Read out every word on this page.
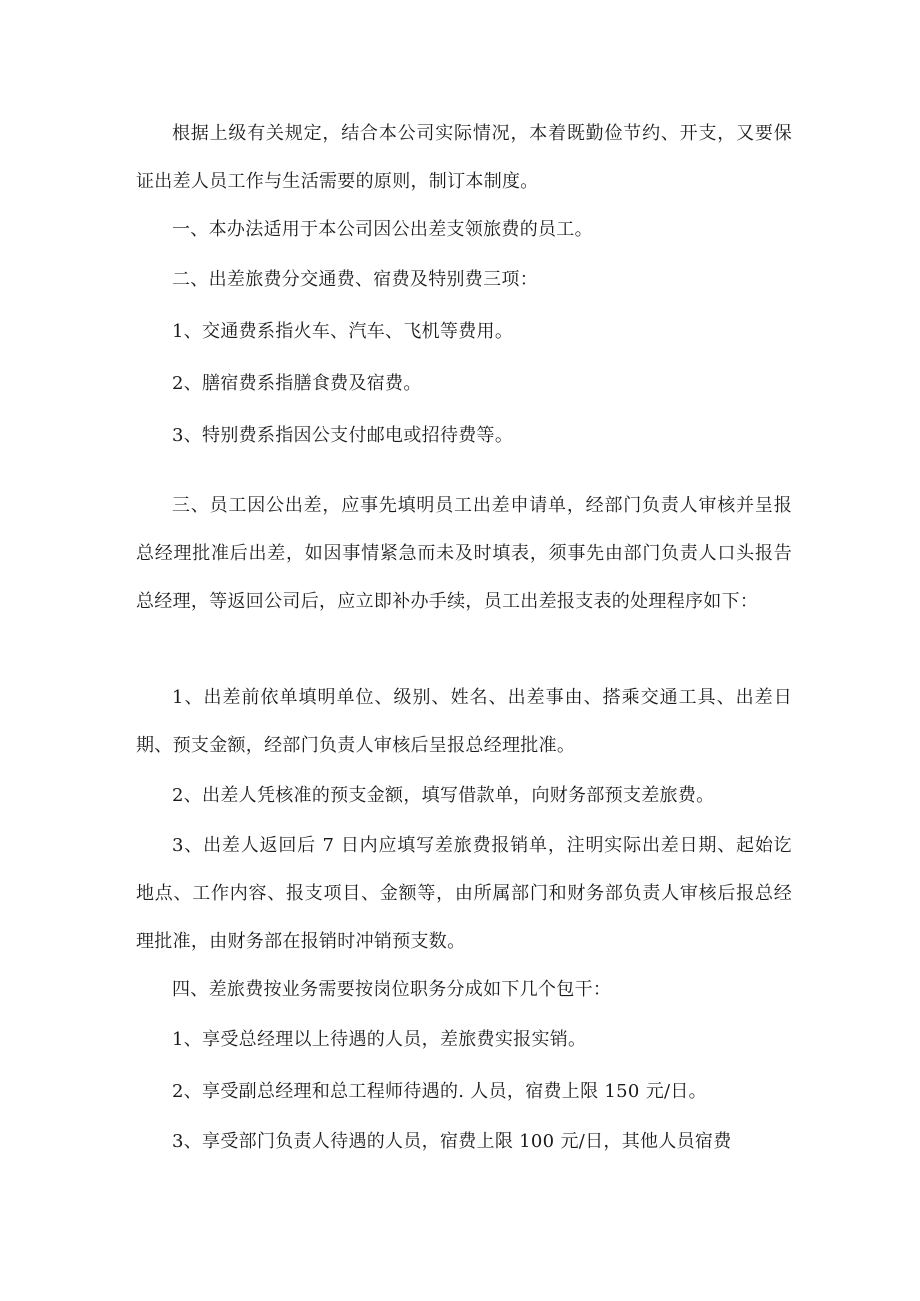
根据上级有关规定，结合本公司实际情况，本着既勤俭节约、开支，又要保证出差人员工作与生活需要的原则，制订本制度。

一、本办法适用于本公司因公出差支领旅费的员工。

二、出差旅费分交通费、宿费及特别费三项：

1、交通费系指火车、汽车、飞机等费用。

2、膳宿费系指膳食费及宿费。

3、特别费系指因公支付邮电或招待费等。

三、员工因公出差，应事先填明员工出差申请单，经部门负责人审核并呈报总经理批准后出差，如因事情紧急而未及时填表，须事先由部门负责人口头报告总经理，等返回公司后，应立即补办手续，员工出差报支表的处理程序如下：

1、出差前依单填明单位、级别、姓名、出差事由、搭乘交通工具、出差日期、预支金额，经部门负责人审核后呈报总经理批准。

2、出差人凭核准的预支金额，填写借款单，向财务部预支差旅费。

3、出差人返回后 7 日内应填写差旅费报销单，注明实际出差日期、起始讫地点、工作内容、报支项目、金额等，由所属部门和财务部负责人审核后报总经理批准，由财务部在报销时冲销预支数。

四、差旅费按业务需要按岗位职务分成如下几个包干：

1、享受总经理以上待遇的人员，差旅费实报实销。

2、享受副总经理和总工程师待遇的. 人员，宿费上限 150 元/日。

3、享受部门负责人待遇的人员，宿费上限 100 元/日，其他人员宿费
